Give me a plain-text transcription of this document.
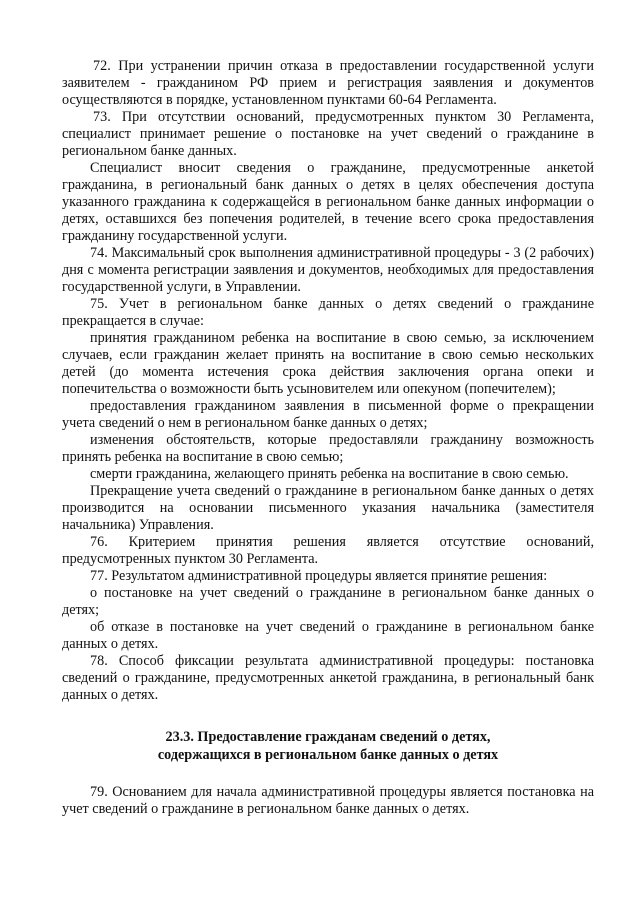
72. При устранении причин отказа в предоставлении государственной услуги заявителем - гражданином РФ прием и регистрация заявления и документов осуществляются в порядке, установленном пунктами 60-64 Регламента.

73. При отсутствии оснований, предусмотренных пунктом 30 Регламента, специалист принимает решение о постановке на учет сведений о гражданине в региональном банке данных.

Специалист вносит сведения о гражданине, предусмотренные анкетой гражданина, в региональный банк данных о детях в целях обеспечения доступа указанного гражданина к содержащейся в региональном банке данных информации о детях, оставшихся без попечения родителей, в течение всего срока предоставления гражданину государственной услуги.

74. Максимальный срок выполнения административной процедуры - 3 (2 рабочих) дня с момента регистрации заявления и документов, необходимых для предоставления государственной услуги, в Управлении.

75. Учет в региональном банке данных о детях сведений о гражданине прекращается в случае:

принятия гражданином ребенка на воспитание в свою семью, за исключением случаев, если гражданин желает принять на воспитание в свою семью нескольких детей (до момента истечения срока действия заключения органа опеки и попечительства о возможности быть усыновителем или опекуном (попечителем);

предоставления гражданином заявления в письменной форме о прекращении учета сведений о нем в региональном банке данных о детях;

изменения обстоятельств, которые предоставляли гражданину возможность принять ребенка на воспитание в свою семью;

смерти гражданина, желающего принять ребенка на воспитание в свою семью.

Прекращение учета сведений о гражданине в региональном банке данных о детях производится на основании письменного указания начальника (заместителя начальника) Управления.

76. Критерием принятия решения является отсутствие оснований, предусмотренных пунктом 30 Регламента.

77. Результатом административной процедуры является принятие решения:

о постановке на учет сведений о гражданине в региональном банке данных о детях;

об отказе в постановке на учет сведений о гражданине в региональном банке данных о детях.

78. Способ фиксации результата административной процедуры: постановка сведений о гражданине, предусмотренных анкетой гражданина, в региональный банк данных о детях.

23.3. Предоставление гражданам сведений о детях,
содержащихся в региональном банке данных о детях

79. Основанием для начала административной процедуры является постановка на учет сведений о гражданине в региональном банке данных о детях.
